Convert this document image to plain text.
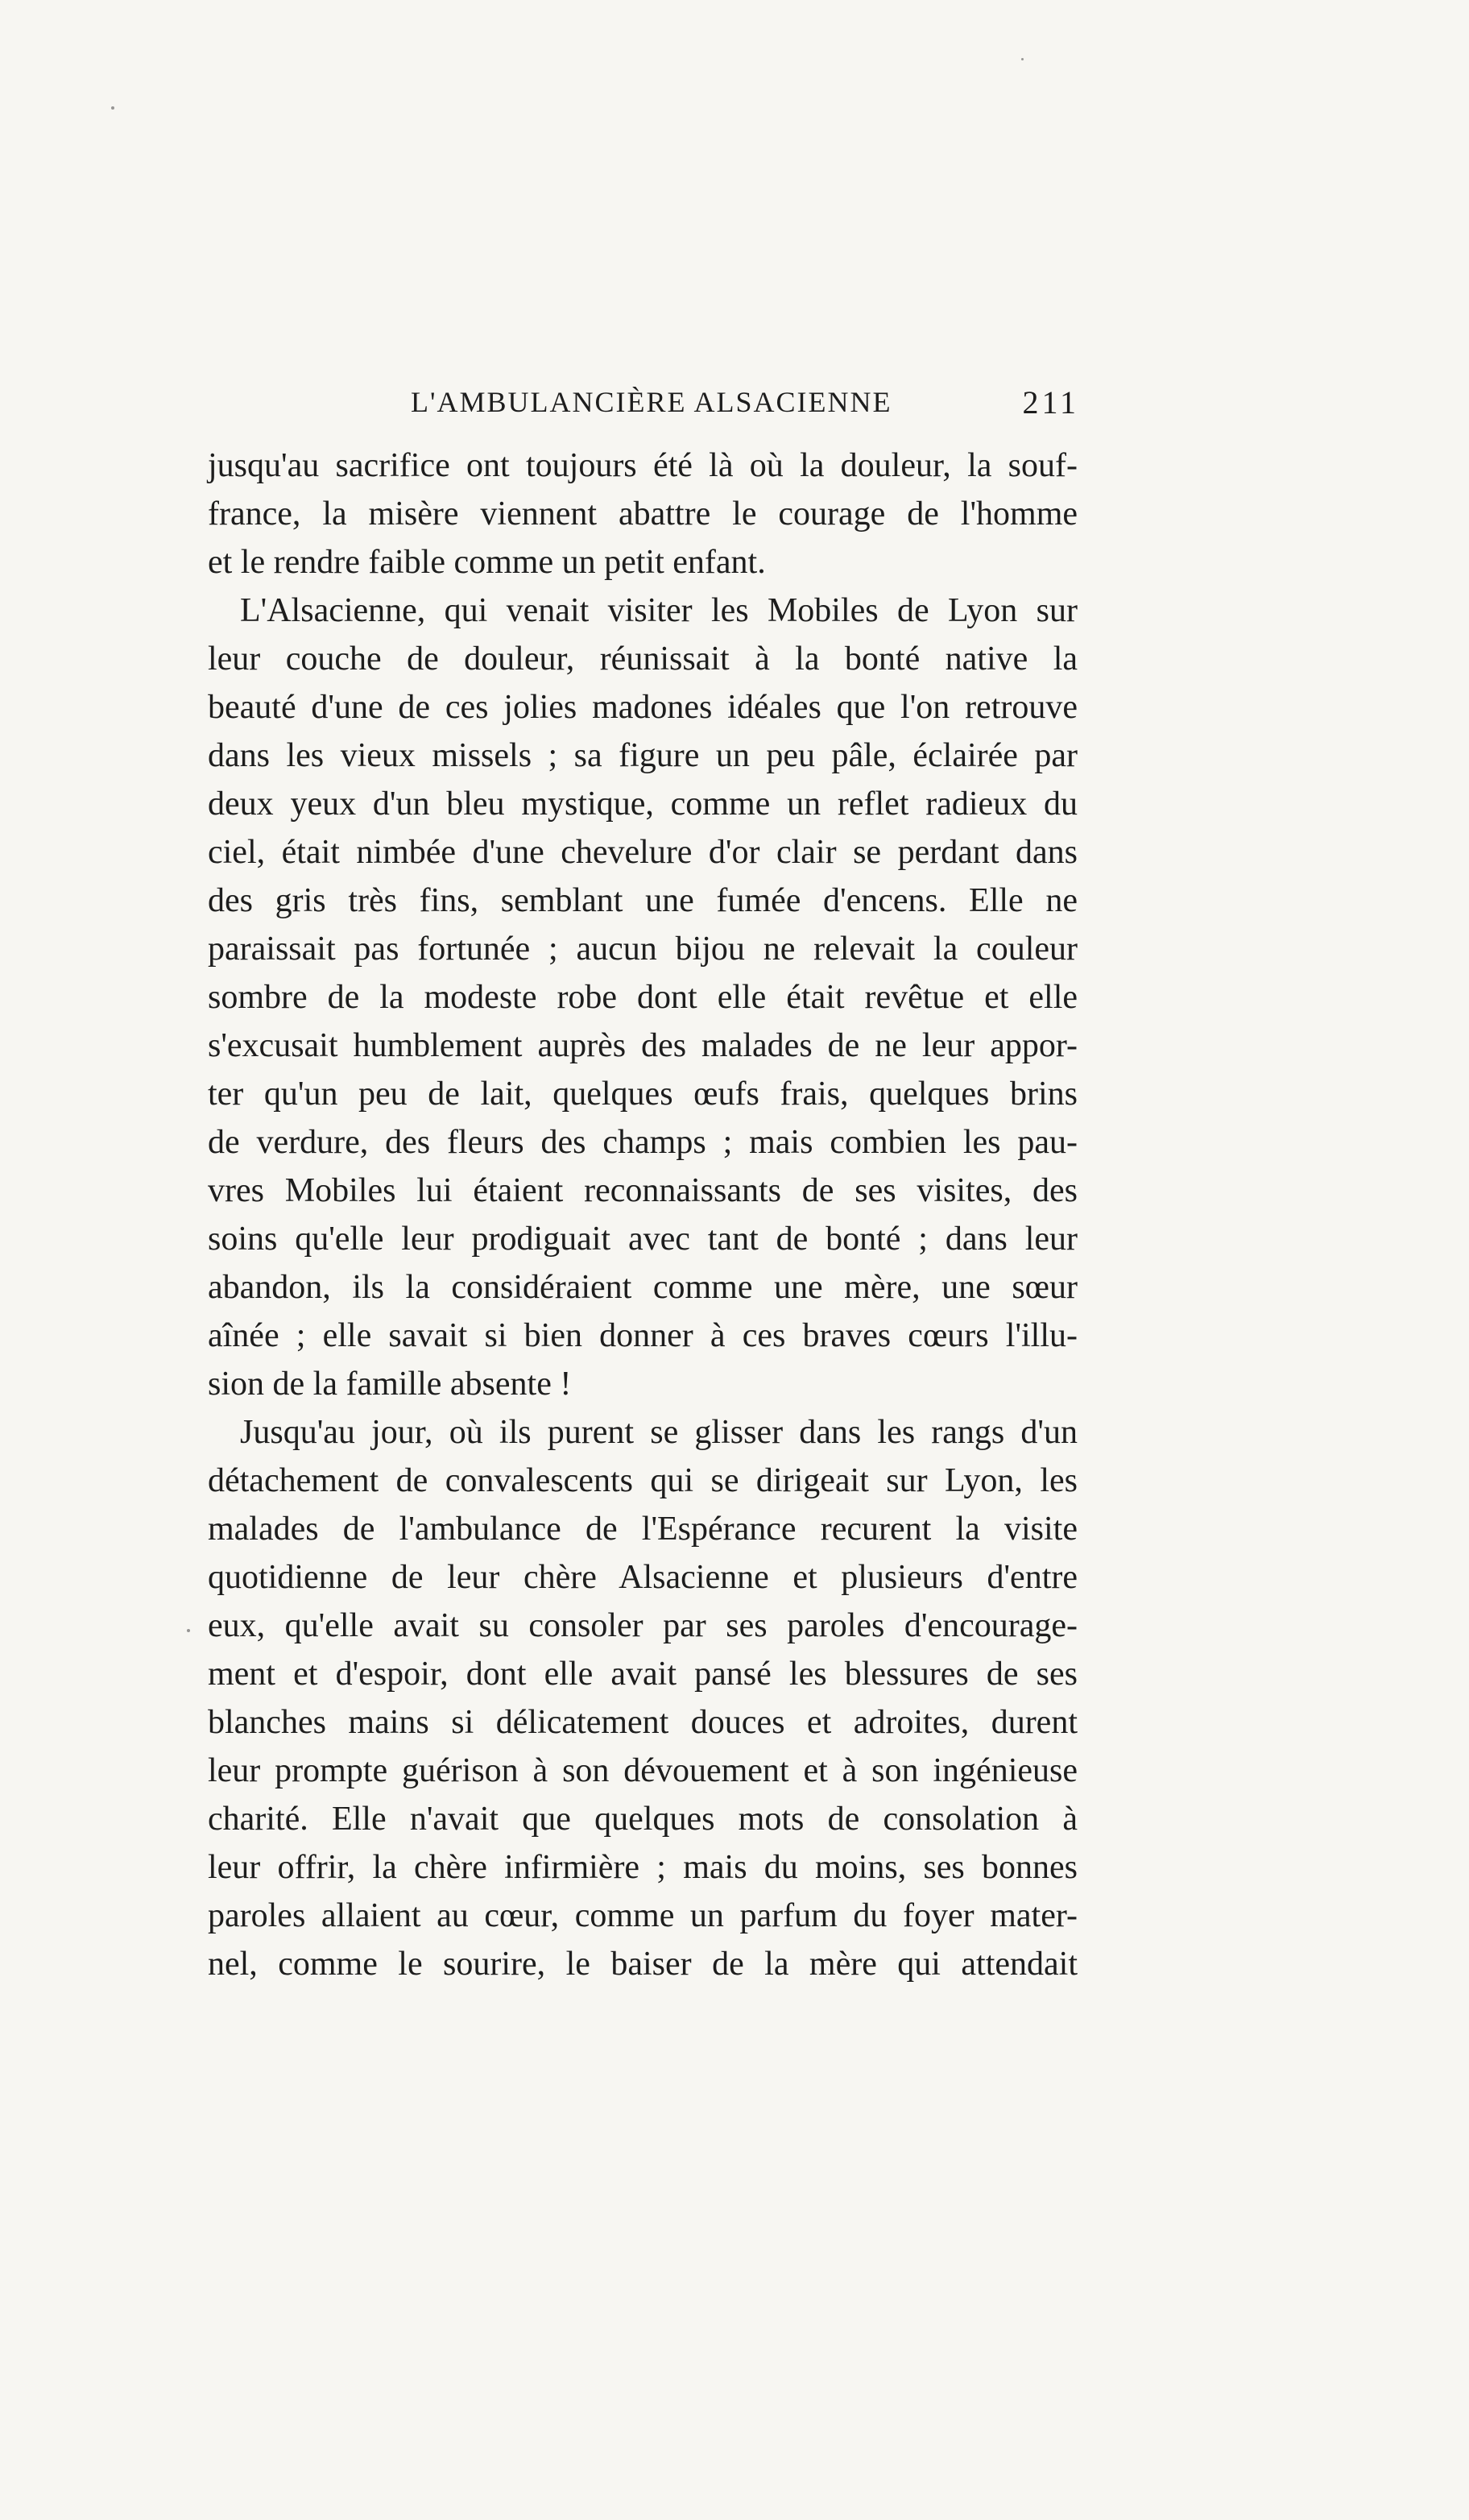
L'AMBULANCIÈRE ALSACIENNE	211
jusqu'au sacrifice ont toujours été là où la douleur, la souf-
france, la misère viennent abattre le courage de l'homme
et le rendre faible comme un petit enfant.
L'Alsacienne, qui venait visiter les Mobiles de Lyon sur
leur couche de douleur, réunissait à la bonté native la
beauté d'une de ces jolies madones idéales que l'on retrouve
dans les vieux missels ; sa figure un peu pâle, éclairée par
deux yeux d'un bleu mystique, comme un reflet radieux du
ciel, était nimbée d'une chevelure d'or clair se perdant dans
des gris très fins, semblant une fumée d'encens. Elle ne
paraissait pas fortunée ; aucun bijou ne relevait la couleur
sombre de la modeste robe dont elle était revêtue et elle
s'excusait humblement auprès des malades de ne leur appor-
ter qu'un peu de lait, quelques œufs frais, quelques brins
de verdure, des fleurs des champs ; mais combien les pau-
vres Mobiles lui étaient reconnaissants de ses visites, des
soins qu'elle leur prodiguait avec tant de bonté ; dans leur
abandon, ils la considéraient comme une mère, une sœur
aînée ; elle savait si bien donner à ces braves cœurs l'illu-
sion de la famille absente !
Jusqu'au jour, où ils purent se glisser dans les rangs d'un
détachement de convalescents qui se dirigeait sur Lyon, les
malades de l'ambulance de l'Espérance recurent la visite
quotidienne de leur chère Alsacienne et plusieurs d'entre
eux, qu'elle avait su consoler par ses paroles d'encourage-
ment et d'espoir, dont elle avait pansé les blessures de ses
blanches mains si délicatement douces et adroites, durent
leur prompte guérison à son dévouement et à son ingénieuse
charité. Elle n'avait que quelques mots de consolation à
leur offrir, la chère infirmière ; mais du moins, ses bonnes
paroles allaient au cœur, comme un parfum du foyer mater-
nel, comme le sourire, le baiser de la mère qui attendait
